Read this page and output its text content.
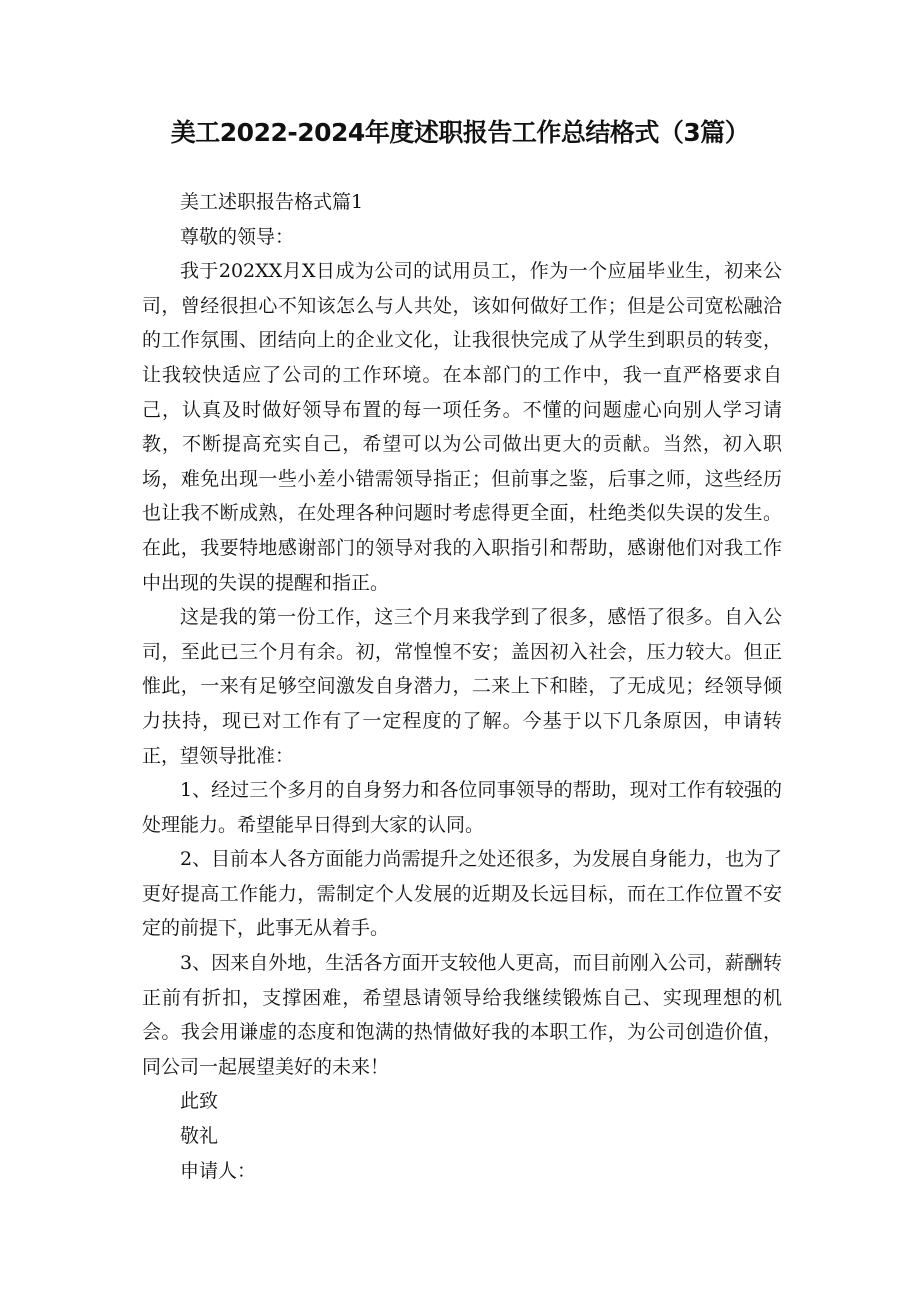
美工2022-2024年度述职报告工作总结格式（3篇）

美工述职报告格式篇1

尊敬的领导：

我于202XX月X日成为公司的试用员工，作为一个应届毕业生，初来公司，曾经很担心不知该怎么与人共处，该如何做好工作；但是公司宽松融洽的工作氛围、团结向上的企业文化，让我很快完成了从学生到职员的转变，让我较快适应了公司的工作环境。在本部门的工作中，我一直严格要求自己，认真及时做好领导布置的每一项任务。不懂的问题虚心向别人学习请教，不断提高充实自己，希望可以为公司做出更大的贡献。当然，初入职场，难免出现一些小差小错需领导指正；但前事之鉴，后事之师，这些经历也让我不断成熟，在处理各种问题时考虑得更全面，杜绝类似失误的发生。在此，我要特地感谢部门的领导对我的入职指引和帮助，感谢他们对我工作中出现的失误的提醒和指正。

这是我的第一份工作，这三个月来我学到了很多，感悟了很多。自入公司，至此已三个月有余。初，常惶惶不安；盖因初入社会，压力较大。但正惟此，一来有足够空间激发自身潜力，二来上下和睦，了无成见；经领导倾力扶持，现已对工作有了一定程度的了解。今基于以下几条原因，申请转正，望领导批准：

1、经过三个多月的自身努力和各位同事领导的帮助，现对工作有较强的处理能力。希望能早日得到大家的认同。

2、目前本人各方面能力尚需提升之处还很多，为发展自身能力，也为了更好提高工作能力，需制定个人发展的近期及长远目标，而在工作位置不安定的前提下，此事无从着手。

3、因来自外地，生活各方面开支较他人更高，而目前刚入公司，薪酬转正前有折扣，支撑困难，希望恳请领导给我继续锻炼自己、实现理想的机会。我会用谦虚的态度和饱满的热情做好我的本职工作，为公司创造价值，同公司一起展望美好的未来！

此致

敬礼

申请人：
